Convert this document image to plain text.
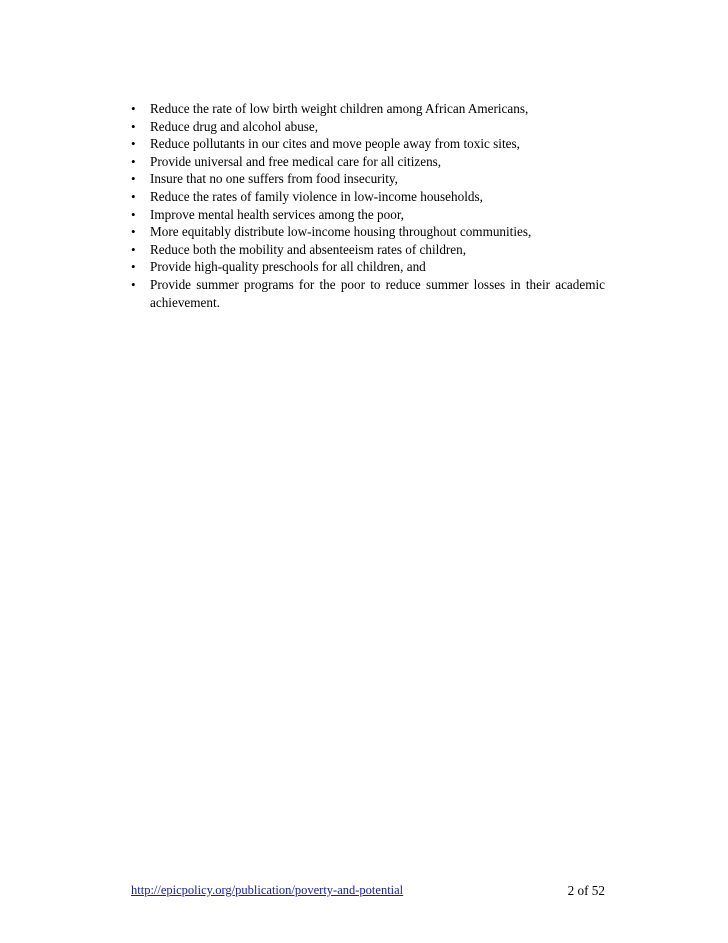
•	Reduce the rate of low birth weight children among African Americans,
•	Reduce drug and alcohol abuse,
•	Reduce pollutants in our cites and move people away from toxic sites,
•	Provide universal and free medical care for all citizens,
•	Insure that no one suffers from food insecurity,
•	Reduce the rates of family violence in low-income households,
•	Improve mental health services among the poor,
•	More equitably distribute low-income housing throughout communities,
•	Reduce both the mobility and absenteeism rates of children,
•	Provide high-quality preschools for all children, and
•	Provide summer programs for the poor to reduce summer losses in their academic achievement.
http://epicpolicy.org/publication/poverty-and-potential	2 of 52
